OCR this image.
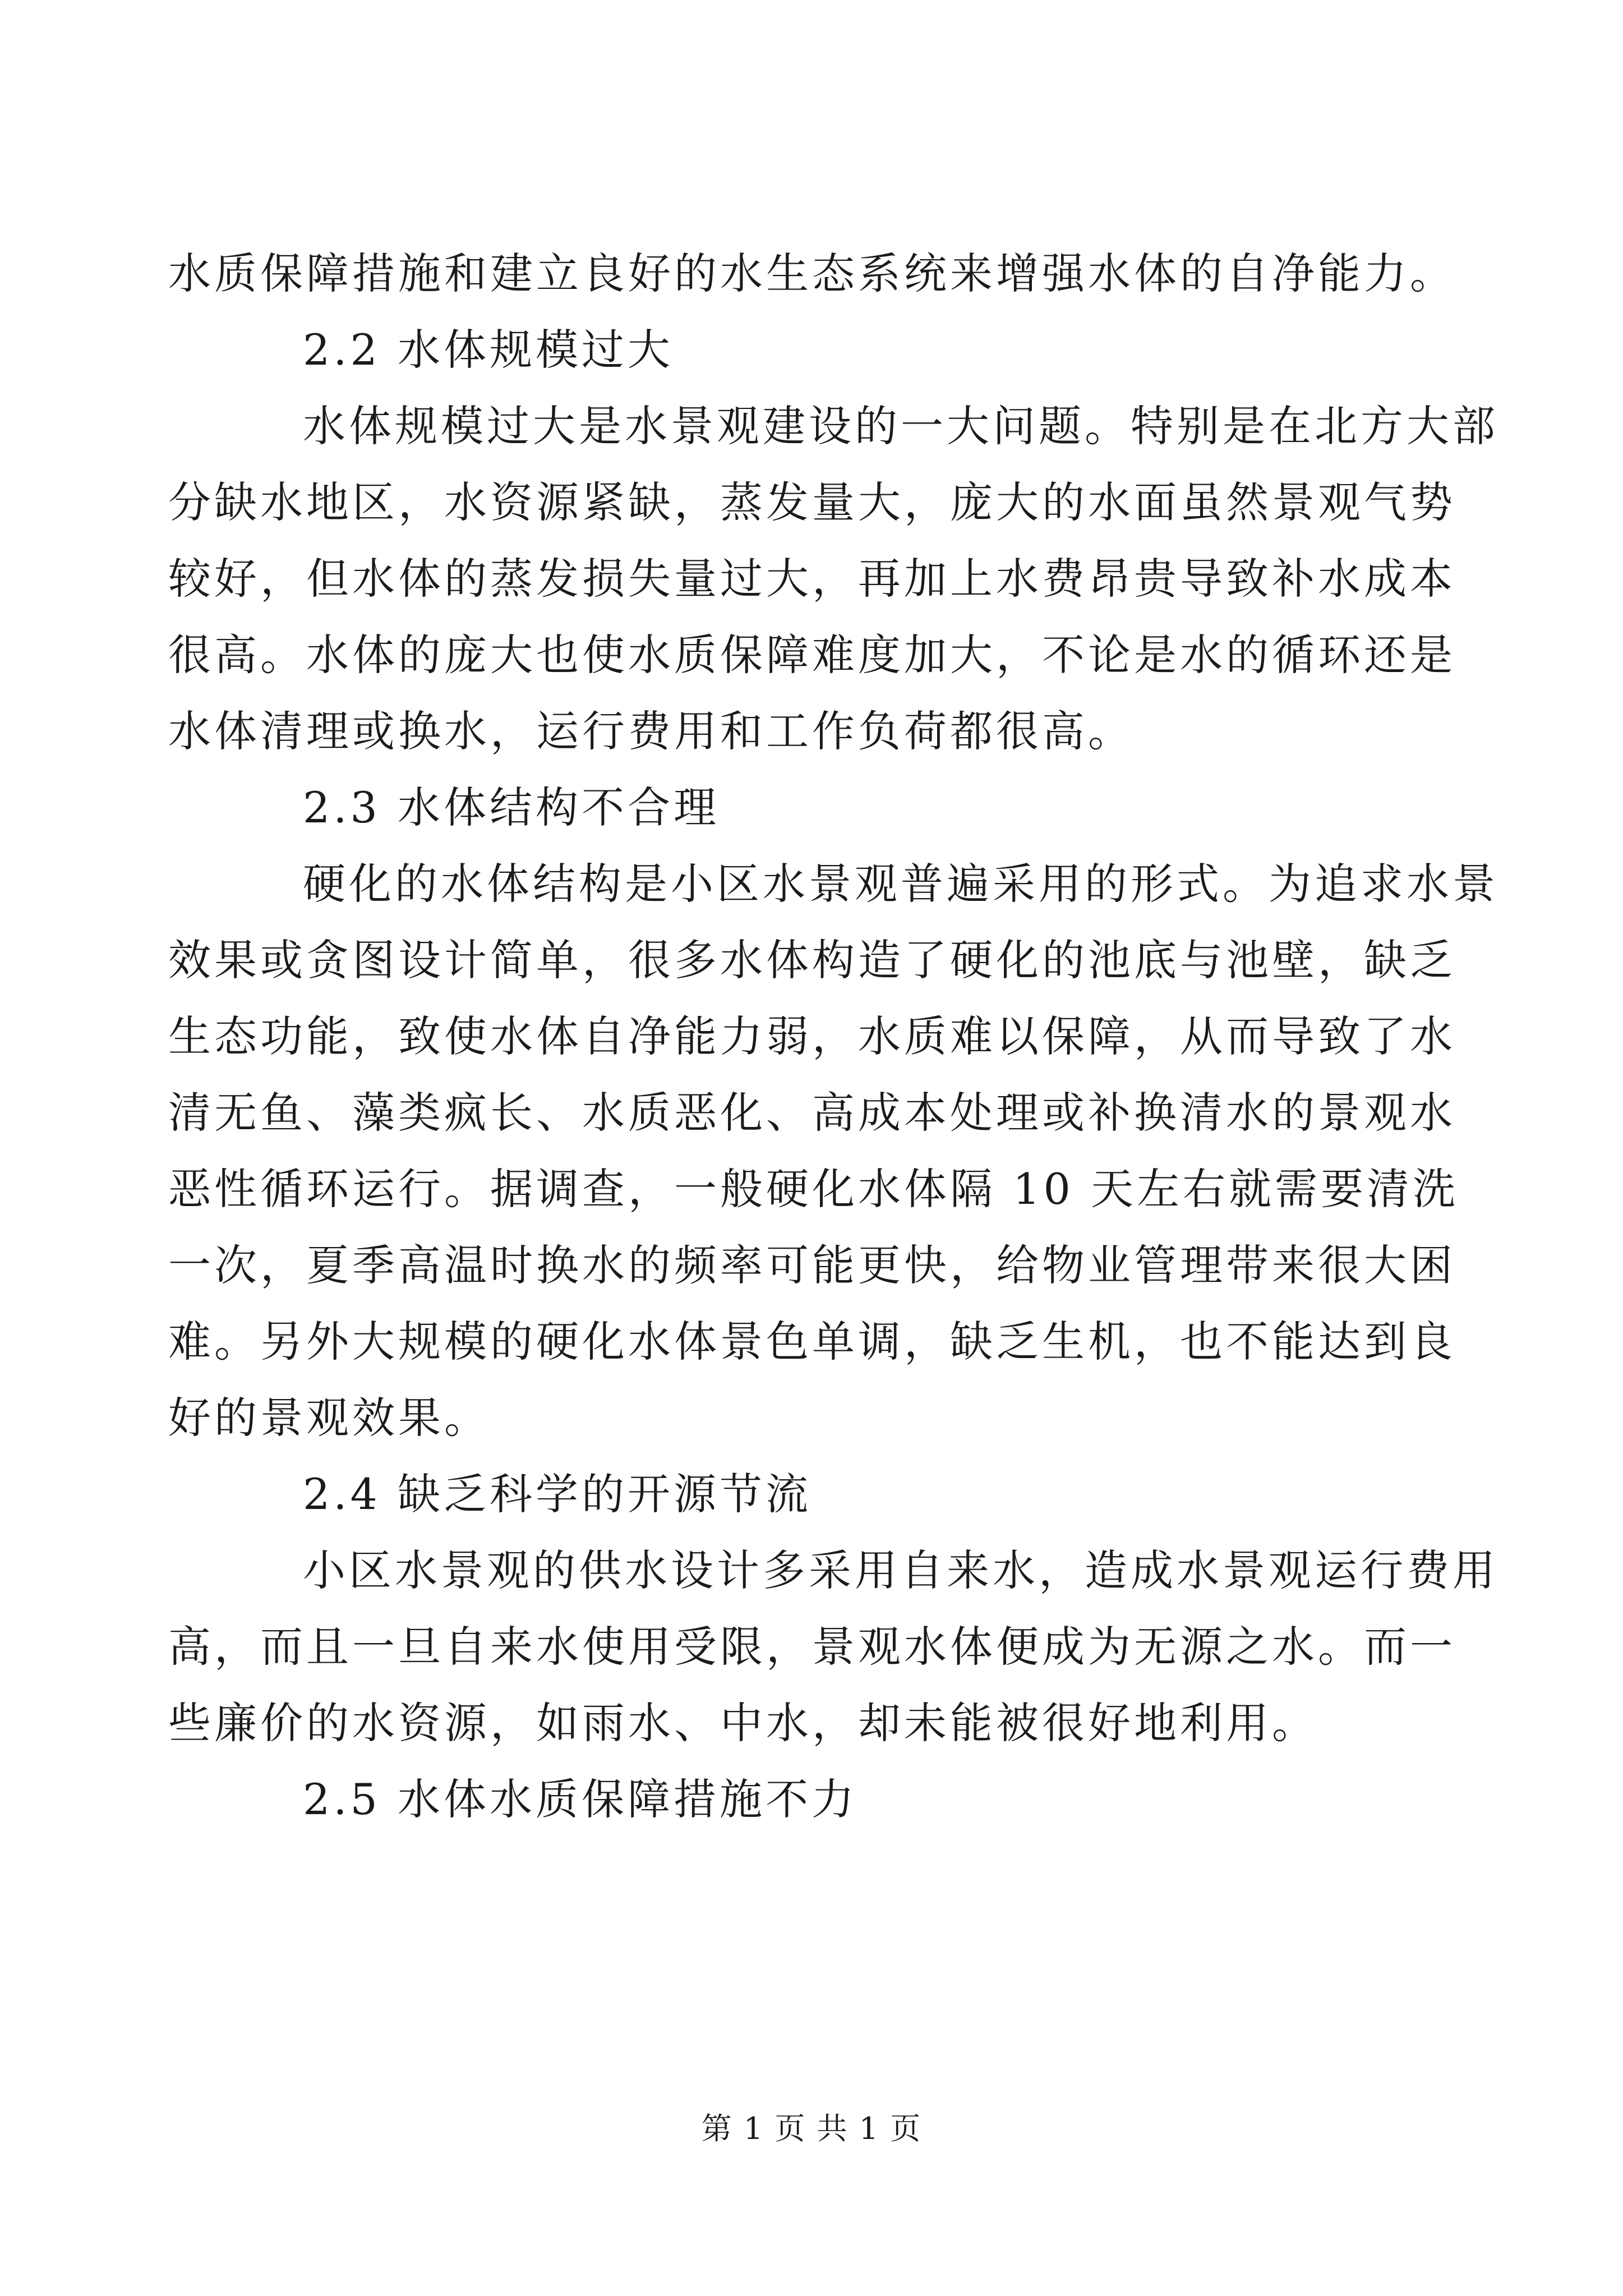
水质保障措施和建立良好的水生态系统来增强水体的自净能力。
2.2 水体规模过大
水体规模过大是水景观建设的一大问题。特别是在北方大部
分缺水地区，水资源紧缺，蒸发量大，庞大的水面虽然景观气势
较好，但水体的蒸发损失量过大，再加上水费昂贵导致补水成本
很高。水体的庞大也使水质保障难度加大，不论是水的循环还是
水体清理或换水，运行费用和工作负荷都很高。
2.3 水体结构不合理
硬化的水体结构是小区水景观普遍采用的形式。为追求水景
效果或贪图设计简单，很多水体构造了硬化的池底与池壁，缺乏
生态功能，致使水体自净能力弱，水质难以保障，从而导致了水
清无鱼、藻类疯长、水质恶化、高成本处理或补换清水的景观水
恶性循环运行。据调查，一般硬化水体隔 10 天左右就需要清洗
一次，夏季高温时换水的频率可能更快，给物业管理带来很大困
难。另外大规模的硬化水体景色单调，缺乏生机，也不能达到良
好的景观效果。
2.4 缺乏科学的开源节流
小区水景观的供水设计多采用自来水，造成水景观运行费用
高，而且一旦自来水使用受限，景观水体便成为无源之水。而一
些廉价的水资源，如雨水、中水，却未能被很好地利用。
2.5 水体水质保障措施不力
第 1 页 共 1 页
